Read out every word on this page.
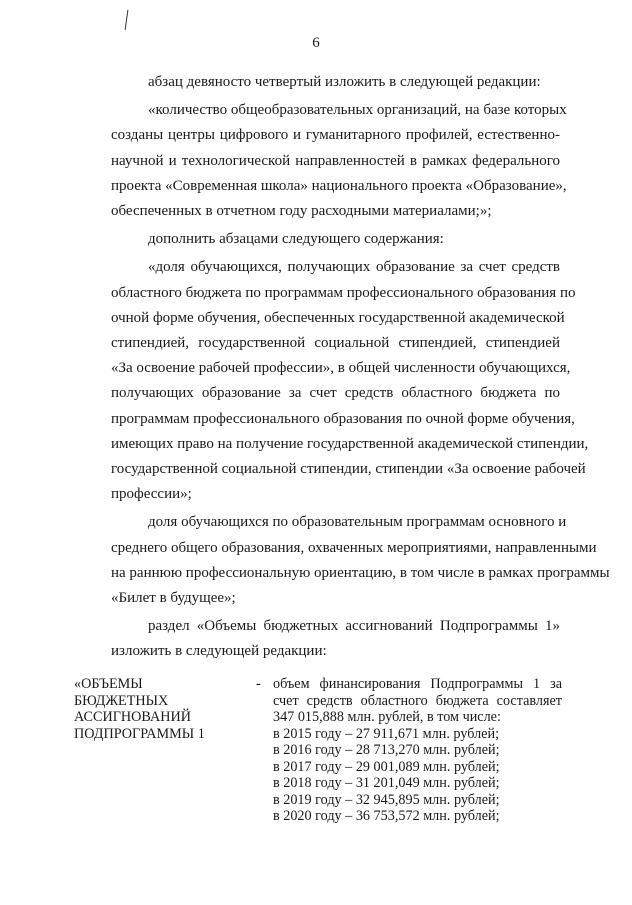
6

абзац девяносто четвертый изложить в следующей редакции:

«количество общеобразовательных организаций, на базе которых
созданы центры цифрового и гуманитарного профилей, естественно-
научной и технологической направленностей в рамках федерального
проекта «Современная школа» национального проекта «Образование»,
обеспеченных в отчетном году расходными материалами;»;

дополнить абзацами следующего содержания:

«доля обучающихся, получающих образование за счет средств
областного бюджета по программам профессионального образования по
очной форме обучения, обеспеченных государственной академической
стипендией, государственной социальной стипендией, стипендией
«За освоение рабочей профессии», в общей численности обучающихся,
получающих образование за счет средств областного бюджета по
программам профессионального образования по очной форме обучения,
имеющих право на получение государственной академической стипендии,
государственной социальной стипендии, стипендии «За освоение рабочей
профессии»;

доля обучающихся по образовательным программам основного и
среднего общего образования, охваченных мероприятиями, направленными
на раннюю профессиональную ориентацию, в том числе в рамках программы
«Билет в будущее»;

раздел «Объемы бюджетных ассигнований Подпрограммы 1»
изложить в следующей редакции:

«ОБЪЕМЫ
БЮДЖЕТНЫХ
АССИГНОВАНИЙ
ПОДПРОГРАММЫ 1
- объем финансирования Подпрограммы 1 за
счет средств областного бюджета составляет
347 015,888 млн. рублей, в том числе:
в 2015 году – 27 911,671 млн. рублей;
в 2016 году – 28 713,270 млн. рублей;
в 2017 году – 29 001,089 млн. рублей;
в 2018 году – 31 201,049 млн. рублей;
в 2019 году – 32 945,895 млн. рублей;
в 2020 году – 36 753,572 млн. рублей;
